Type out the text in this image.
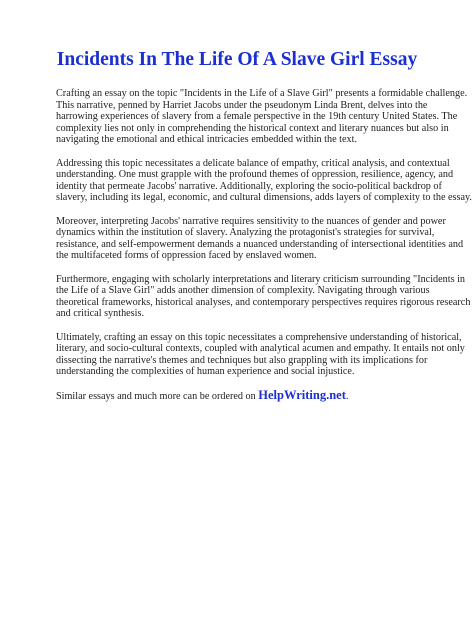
Incidents In The Life Of A Slave Girl Essay

Crafting an essay on the topic "Incidents in the Life of a Slave Girl" presents a formidable challenge.
This narrative, penned by Harriet Jacobs under the pseudonym Linda Brent, delves into the
harrowing experiences of slavery from a female perspective in the 19th century United States. The
complexity lies not only in comprehending the historical context and literary nuances but also in
navigating the emotional and ethical intricacies embedded within the text.

Addressing this topic necessitates a delicate balance of empathy, critical analysis, and contextual
understanding. One must grapple with the profound themes of oppression, resilience, agency, and
identity that permeate Jacobs' narrative. Additionally, exploring the socio-political backdrop of
slavery, including its legal, economic, and cultural dimensions, adds layers of complexity to the essay.

Moreover, interpreting Jacobs' narrative requires sensitivity to the nuances of gender and power
dynamics within the institution of slavery. Analyzing the protagonist's strategies for survival,
resistance, and self-empowerment demands a nuanced understanding of intersectional identities and
the multifaceted forms of oppression faced by enslaved women.

Furthermore, engaging with scholarly interpretations and literary criticism surrounding "Incidents in
the Life of a Slave Girl" adds another dimension of complexity. Navigating through various
theoretical frameworks, historical analyses, and contemporary perspectives requires rigorous research
and critical synthesis.

Ultimately, crafting an essay on this topic necessitates a comprehensive understanding of historical,
literary, and socio-cultural contexts, coupled with analytical acumen and empathy. It entails not only
dissecting the narrative's themes and techniques but also grappling with its implications for
understanding the complexities of human experience and social injustice.

Similar essays and much more can be ordered on HelpWriting.net.
